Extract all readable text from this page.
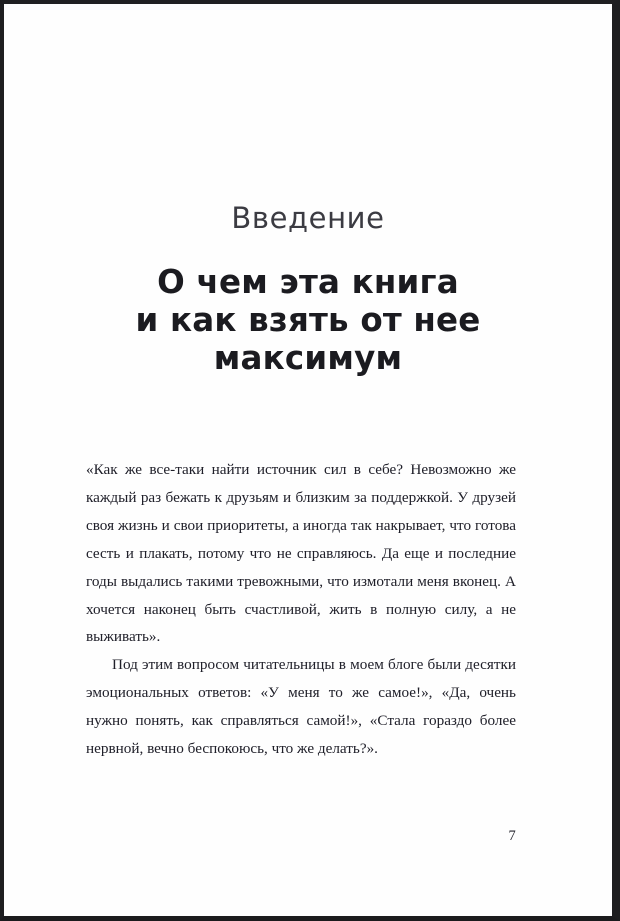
Введение
О чем эта книга
и как взять от нее
максимум

«Как же все-таки найти источник сил в себе? Невозможно же каждый раз бежать к друзьям и близким за поддержкой. У друзей своя жизнь и свои приоритеты, а иногда так накрывает, что готова сесть и плакать, потому что не справляюсь. Да еще и последние годы выдались такими тревожными, что измотали меня вконец. А хочется наконец быть счастливой, жить в полную силу, а не выживать».

Под этим вопросом читательницы в моем блоге были десятки эмоциональных ответов: «У меня то же самое!», «Да, очень нужно понять, как справляться самой!», «Стала гораздо более нервной, вечно беспокоюсь, что же делать?».

7
